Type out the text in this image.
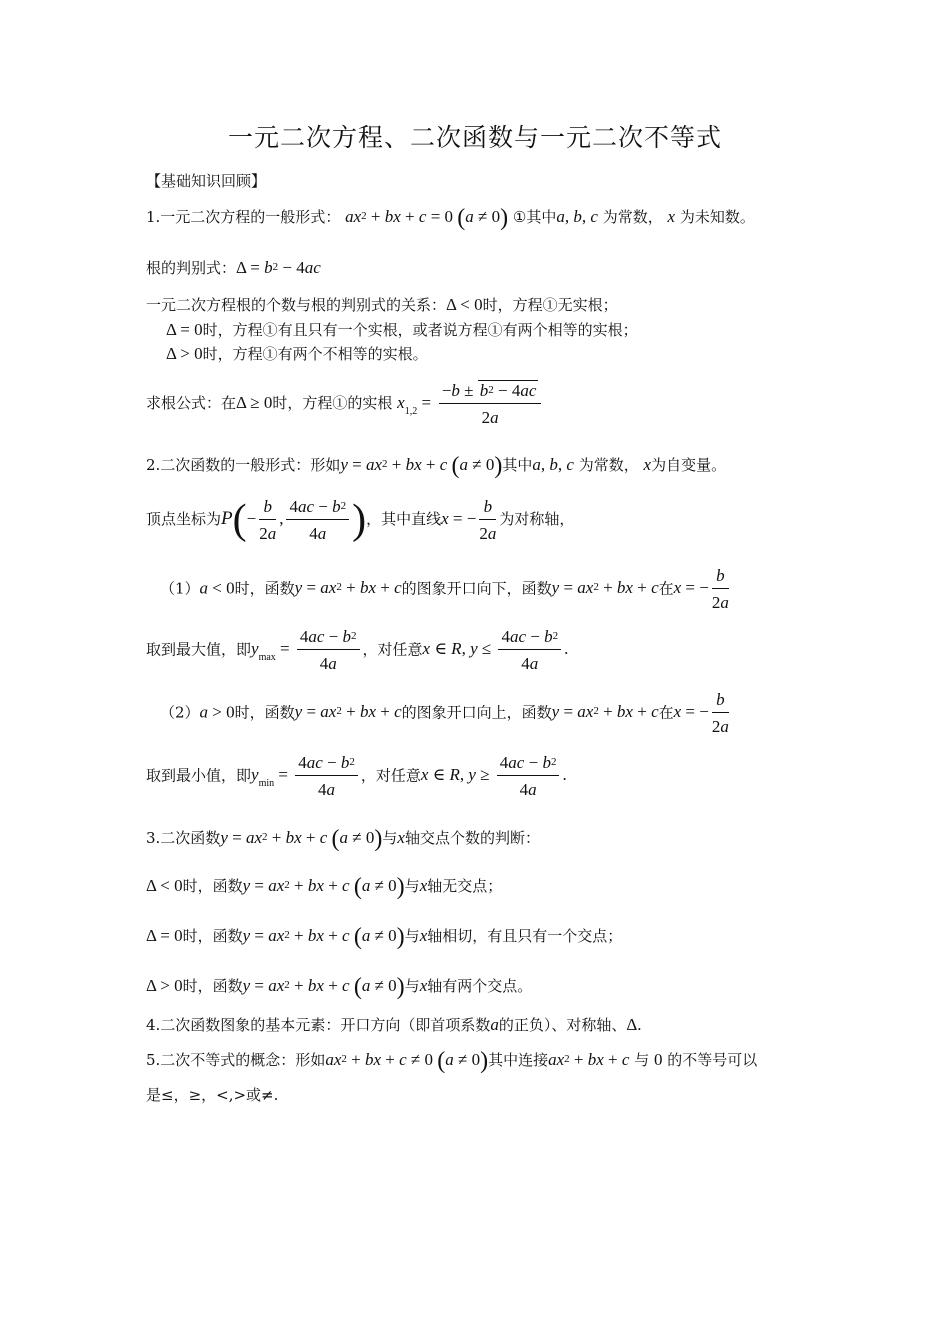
一元二次方程、二次函数与一元二次不等式
【基础知识回顾】
1.一元二次方程的一般形式： $ax^2$ + bx + c = 0 (a ≠ 0) ①其中a, b, c 为常数， x 为未知数。
根的判别式：$\Delta = b^2 - 4ac$
一元二次方程根的个数与根的判别式的关系：Δ < 0时，方程①无实根；
Δ = 0时，方程①有且只有一个实根，或者说方程①有两个相等的实根；
Δ > 0时，方程①有两个不相等的实根。
求根公式：在Δ ≥ 0时，方程①的实根 $x_{1,2} = \frac{-b \pm b^2 - 4ac}{2a}$
2.二次函数的一般形式：形如$y = ax^2$ + bx + c (a ≠ 0)其中a, b, c 为常数， x为自变量。
顶点坐标为$P(- \frac{b}{2a}$ , $\frac{4ac - b^2}{4a}$ )，其中直线x = − $\frac{b}{2a}$ 为对称轴，
（1）a < 0时，函数$y = ax^2$ + bx + c的图象开口向下，函数$y = ax^2$ + bx + c在x = − $\frac{b}{2a}$
取到最大值，即$y_{max} = \frac{4ac - b^2}{4a}$ ，对任意x ∈ R, $y \le \frac{4ac - b^2}{4a}$ .
（2）a > 0时，函数$y = ax^2$ + bx + c的图象开口向上，函数$y = ax^2$ + bx + c在x = − $\frac{b}{2a}$
取到最小值，即$y_{min} = \frac{4ac - b^2}{4a}$ ，对任意x ∈ R, $y \ge \frac{4ac - b^2}{4a}$ .
3.二次函数$y = ax^2$ + bx + c (a ≠ 0)与x轴交点个数的判断：
Δ < 0时，函数$y = ax^2$ + bx + c (a ≠ 0)与x轴无交点；
Δ = 0时，函数$y = ax^2$ + bx + c (a ≠ 0)与x轴相切，有且只有一个交点；
Δ > 0时，函数$y = ax^2$ + bx + c (a ≠ 0)与x轴有两个交点。
4.二次函数图象的基本元素：开口方向（即首项系数a的正负）、对称轴、Δ.
5.二次不等式的概念：形如$ax^2$ + bx + c ≠ 0 (a ≠ 0)其中连接$ax^2$ + bx + c 与 0 的不等号可以
是≤，≥，<,>或≠.
